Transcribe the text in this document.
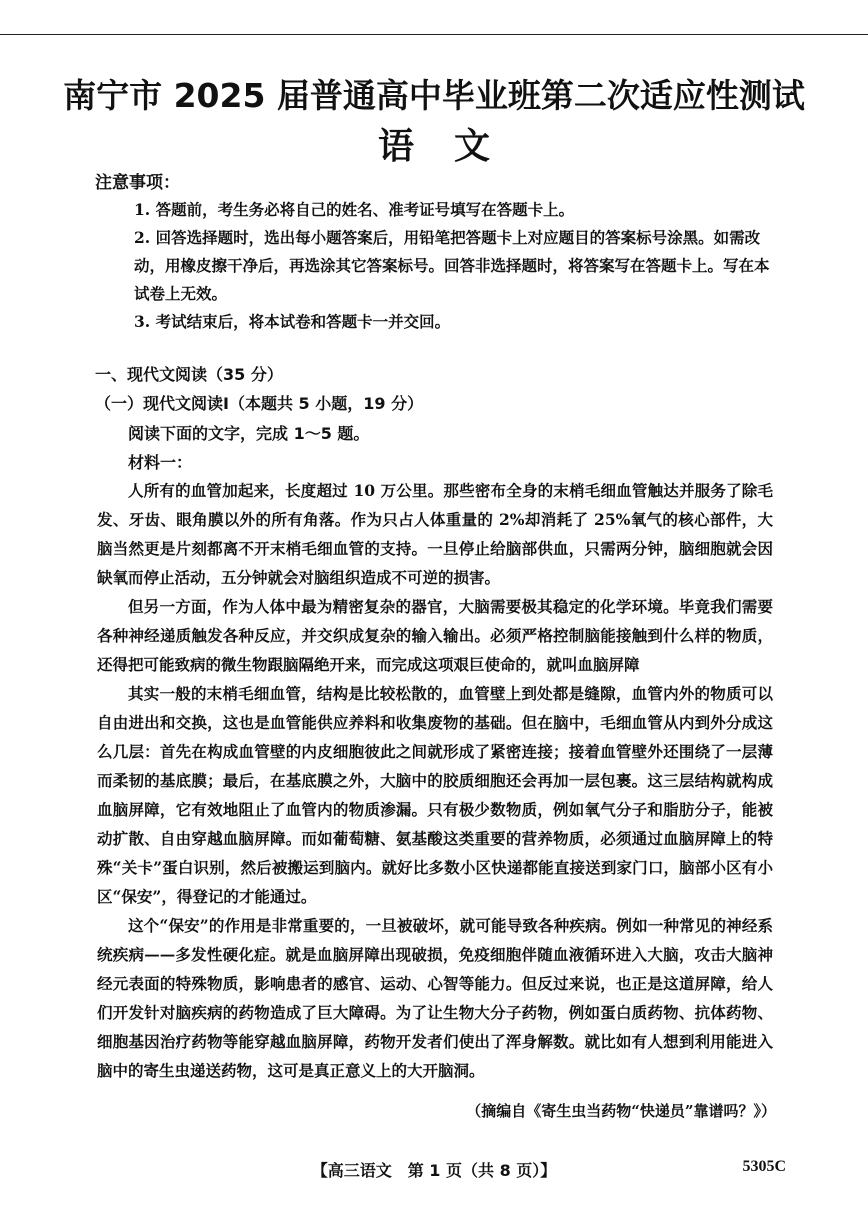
南宁市 2025 届普通高中毕业班第二次适应性测试
语文
注意事项：

1. 答题前，考生务必将自己的姓名、准考证号填写在答题卡上。

2. 回答选择题时，选出每小题答案后，用铅笔把答题卡上对应题目的答案标号涂黑。如需改动，用橡皮擦干净后，再选涂其它答案标号。回答非选择题时，将答案写在答题卡上。写在本试卷上无效。

3. 考试结束后，将本试卷和答题卡一并交回。

一、现代文阅读（35 分）
（一）现代文阅读Ⅰ（本题共 5 小题，19 分）
阅读下面的文字，完成 1～5 题。
材料一：

人所有的血管加起来，长度超过 10 万公里。那些密布全身的末梢毛细血管触达并服务了除毛发、牙齿、眼角膜以外的所有角落。作为只占人体重量的 2%却消耗了 25%氧气的核心部件，大脑当然更是片刻都离不开末梢毛细血管的支持。一旦停止给脑部供血，只需两分钟，脑细胞就会因缺氧而停止活动，五分钟就会对脑组织造成不可逆的损害。

但另一方面，作为人体中最为精密复杂的器官，大脑需要极其稳定的化学环境。毕竟我们需要各种神经递质触发各种反应，并交织成复杂的输入输出。必须严格控制脑能接触到什么样的物质，还得把可能致病的微生物跟脑隔绝开来，而完成这项艰巨使命的，就叫血脑屏障

其实一般的末梢毛细血管，结构是比较松散的，血管壁上到处都是缝隙，血管内外的物质可以自由进出和交换，这也是血管能供应养料和收集废物的基础。但在脑中，毛细血管从内到外分成这么几层：首先在构成血管壁的内皮细胞彼此之间就形成了紧密连接；接着血管壁外还围绕了一层薄而柔韧的基底膜；最后，在基底膜之外，大脑中的胶质细胞还会再加一层包裹。这三层结构就构成血脑屏障，它有效地阻止了血管内的物质渗漏。只有极少数物质，例如氧气分子和脂肪分子，能被动扩散、自由穿越血脑屏障。而如葡萄糖、氨基酸这类重要的营养物质，必须通过血脑屏障上的特殊“关卡”蛋白识别，然后被搬运到脑内。就好比多数小区快递都能直接送到家门口，脑部小区有小区“保安”，得登记的才能通过。

这个“保安”的作用是非常重要的，一旦被破坏，就可能导致各种疾病。例如一种常见的神经系统疾病——多发性硬化症。就是血脑屏障出现破损，免疫细胞伴随血液循环进入大脑，攻击大脑神经元表面的特殊物质，影响患者的感官、运动、心智等能力。但反过来说，也正是这道屏障，给人们开发针对脑疾病的药物造成了巨大障碍。为了让生物大分子药物，例如蛋白质药物、抗体药物、细胞基因治疗药物等能穿越血脑屏障，药物开发者们使出了浑身解数。就比如有人想到利用能进入脑中的寄生虫递送药物，这可是真正意义上的大开脑洞。

（摘编自《寄生虫当药物“快递员”靠谱吗？》）
【高三语文　第 1 页（共 8 页）】	5305C
